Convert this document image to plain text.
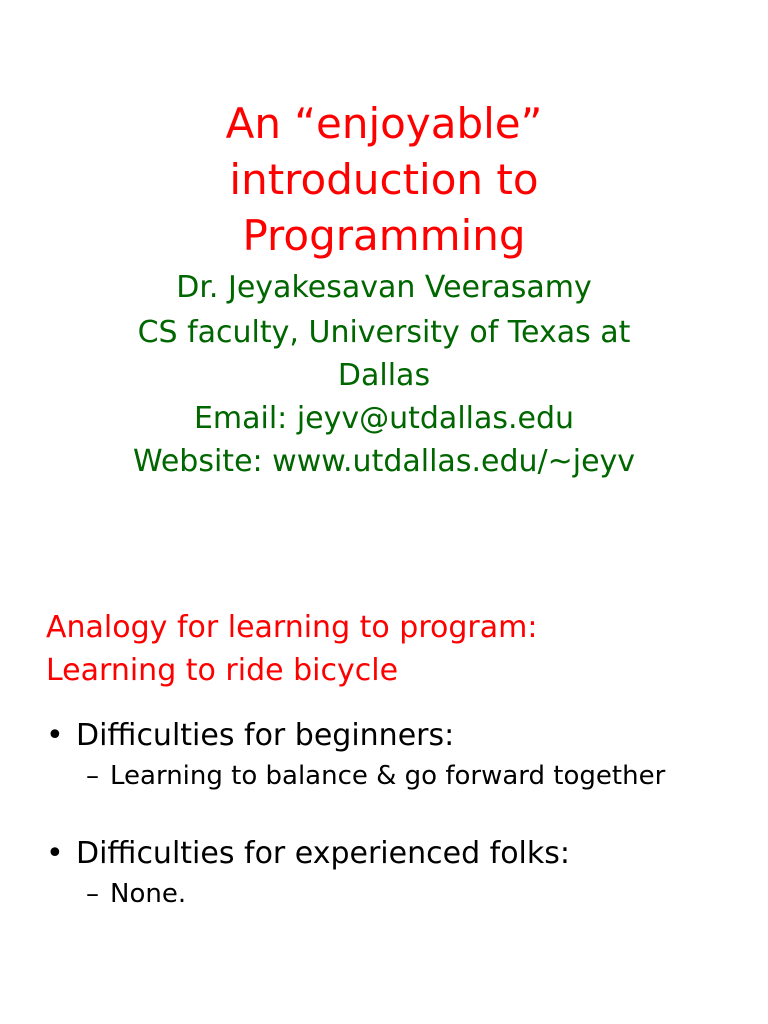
An “enjoyable”
introduction to
Programming
Dr. Jeyakesavan Veerasamy
CS faculty, University of Texas at
Dallas
Email: jeyv@utdallas.edu
Website: www.utdallas.edu/~jeyv
Analogy for learning to program:
Learning to ride bicycle
• Difficulties for beginners:
– Learning to balance & go forward together
• Difficulties for experienced folks:
– None.
